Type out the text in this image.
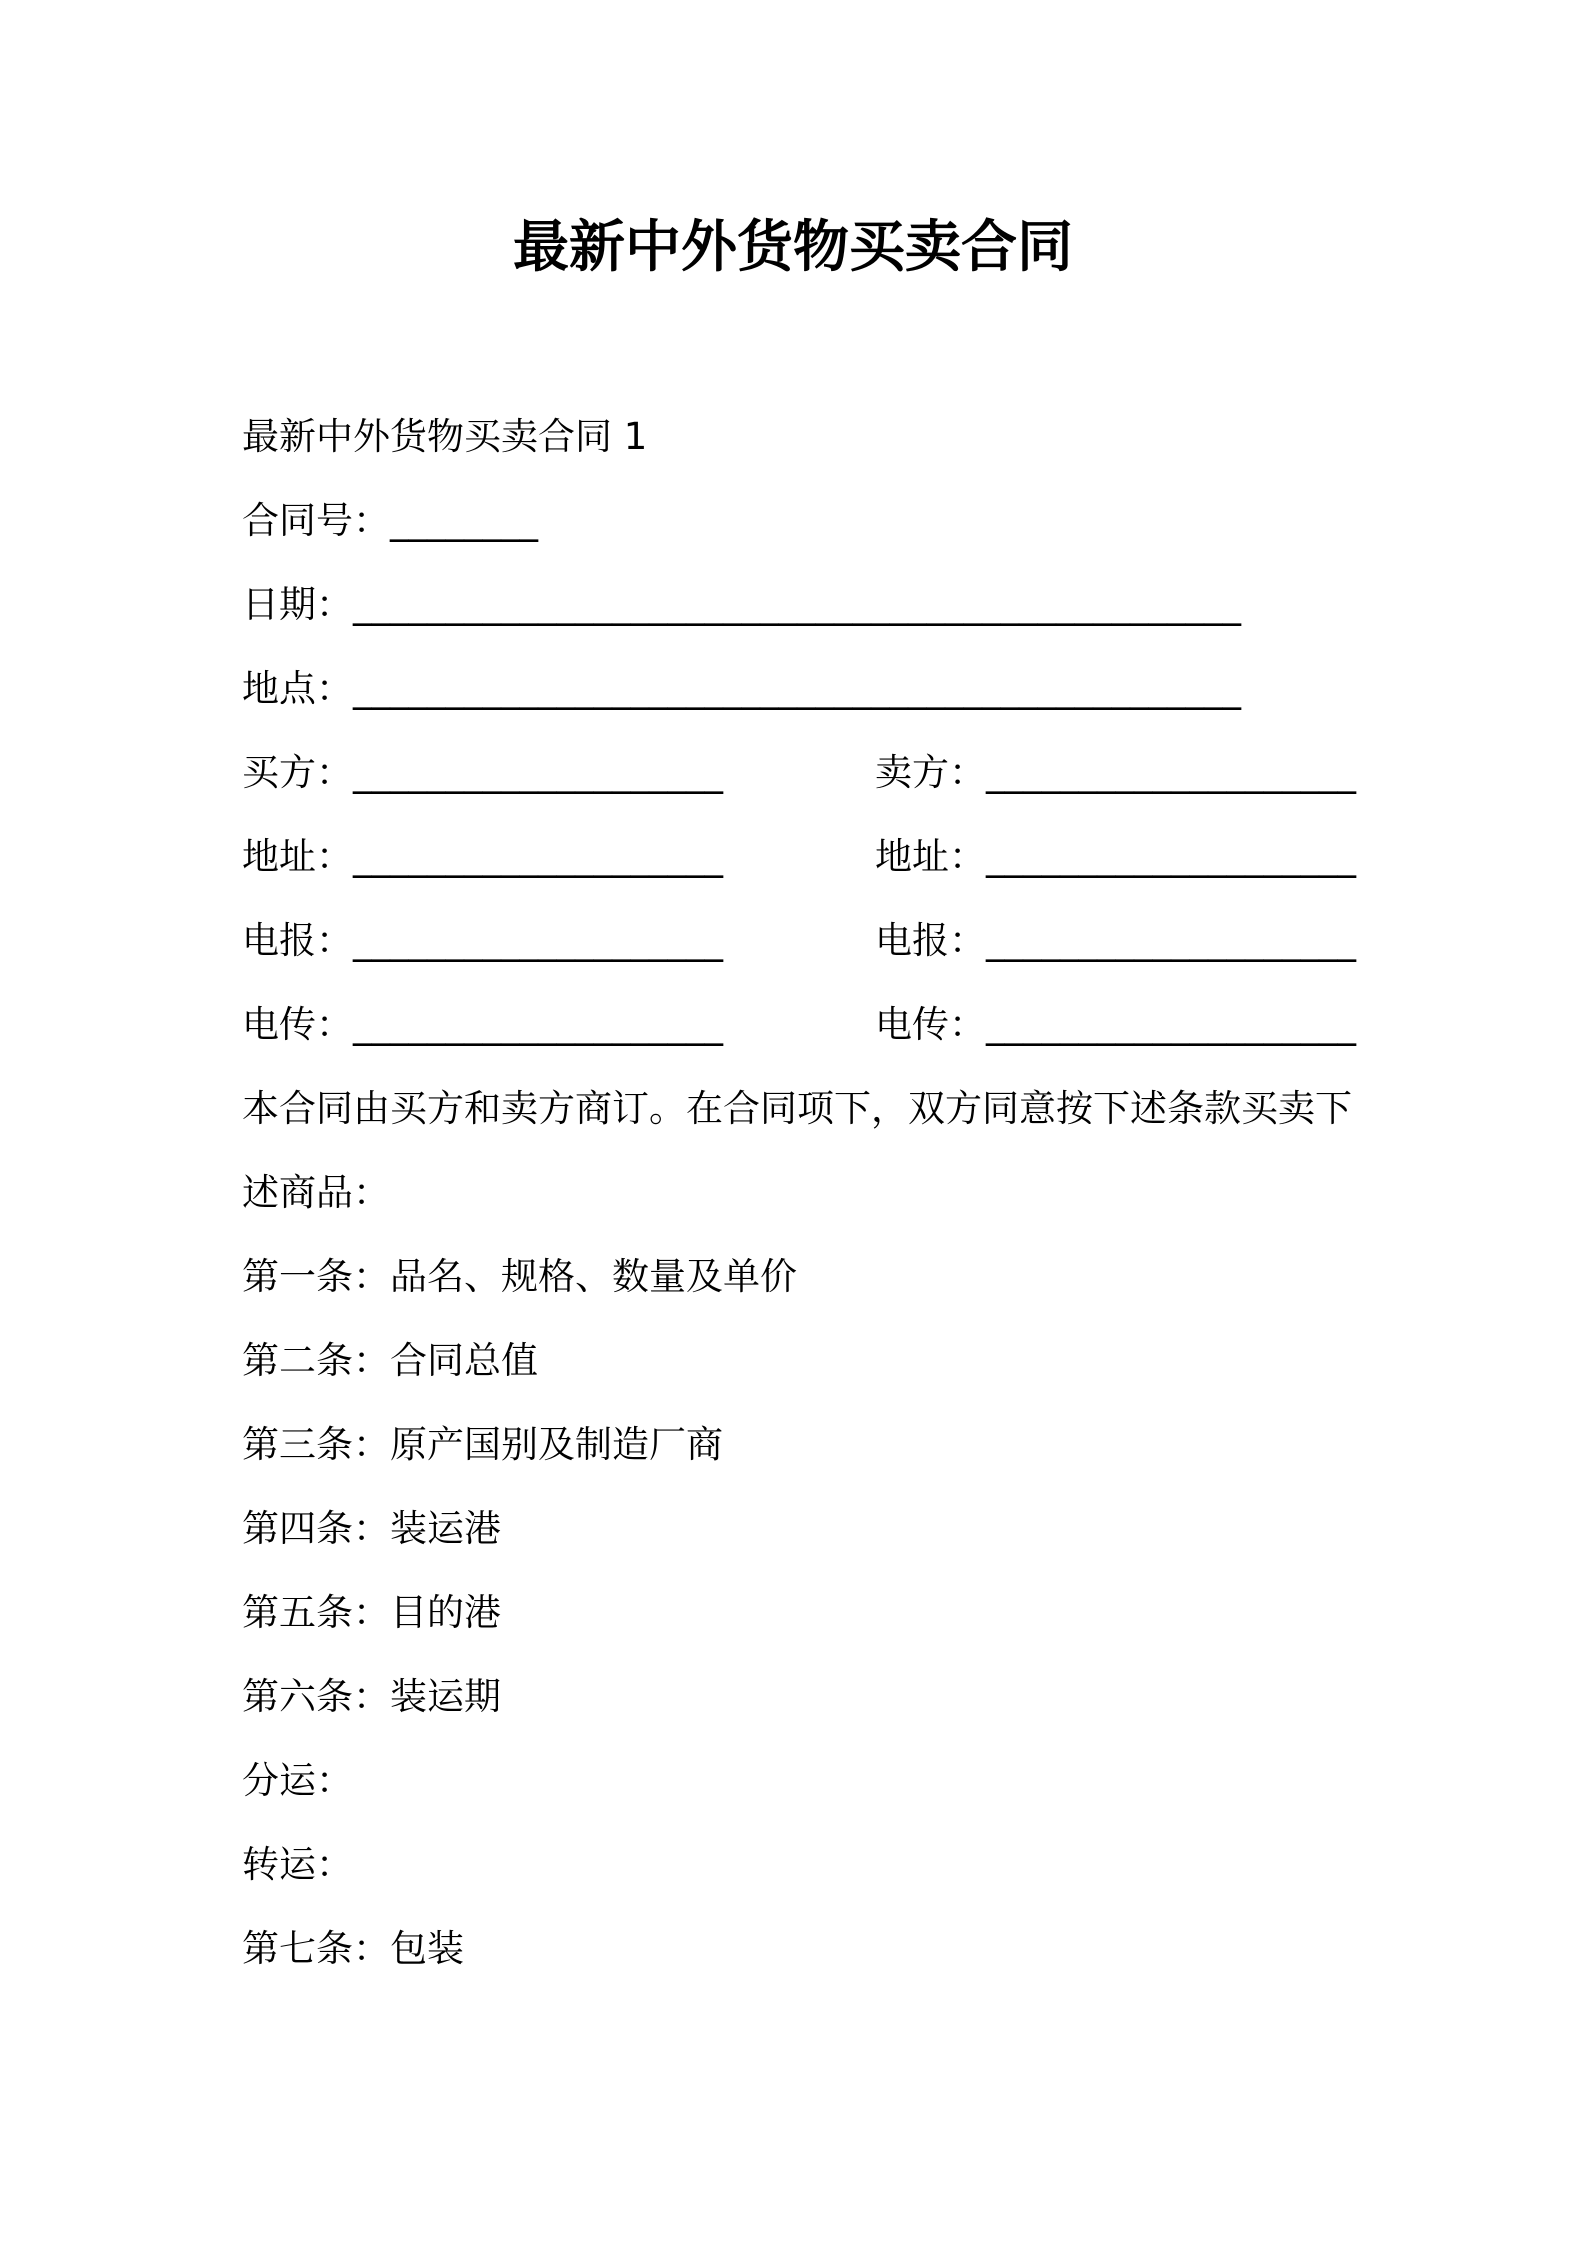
最新中外货物买卖合同
最新中外货物买卖合同 1
合同号：________
日期：________________________________________________
地点：________________________________________________
买方：____________________	卖方：____________________
地址：____________________	地址：____________________
电报：____________________	电报：____________________
电传：____________________	电传：____________________
本合同由买方和卖方商订。在合同项下，双方同意按下述条款买卖下述商品：
第一条：品名、规格、数量及单价
第二条：合同总值
第三条：原产国别及制造厂商
第四条：装运港
第五条：目的港
第六条：装运期
分运：
转运：
第七条：包装
